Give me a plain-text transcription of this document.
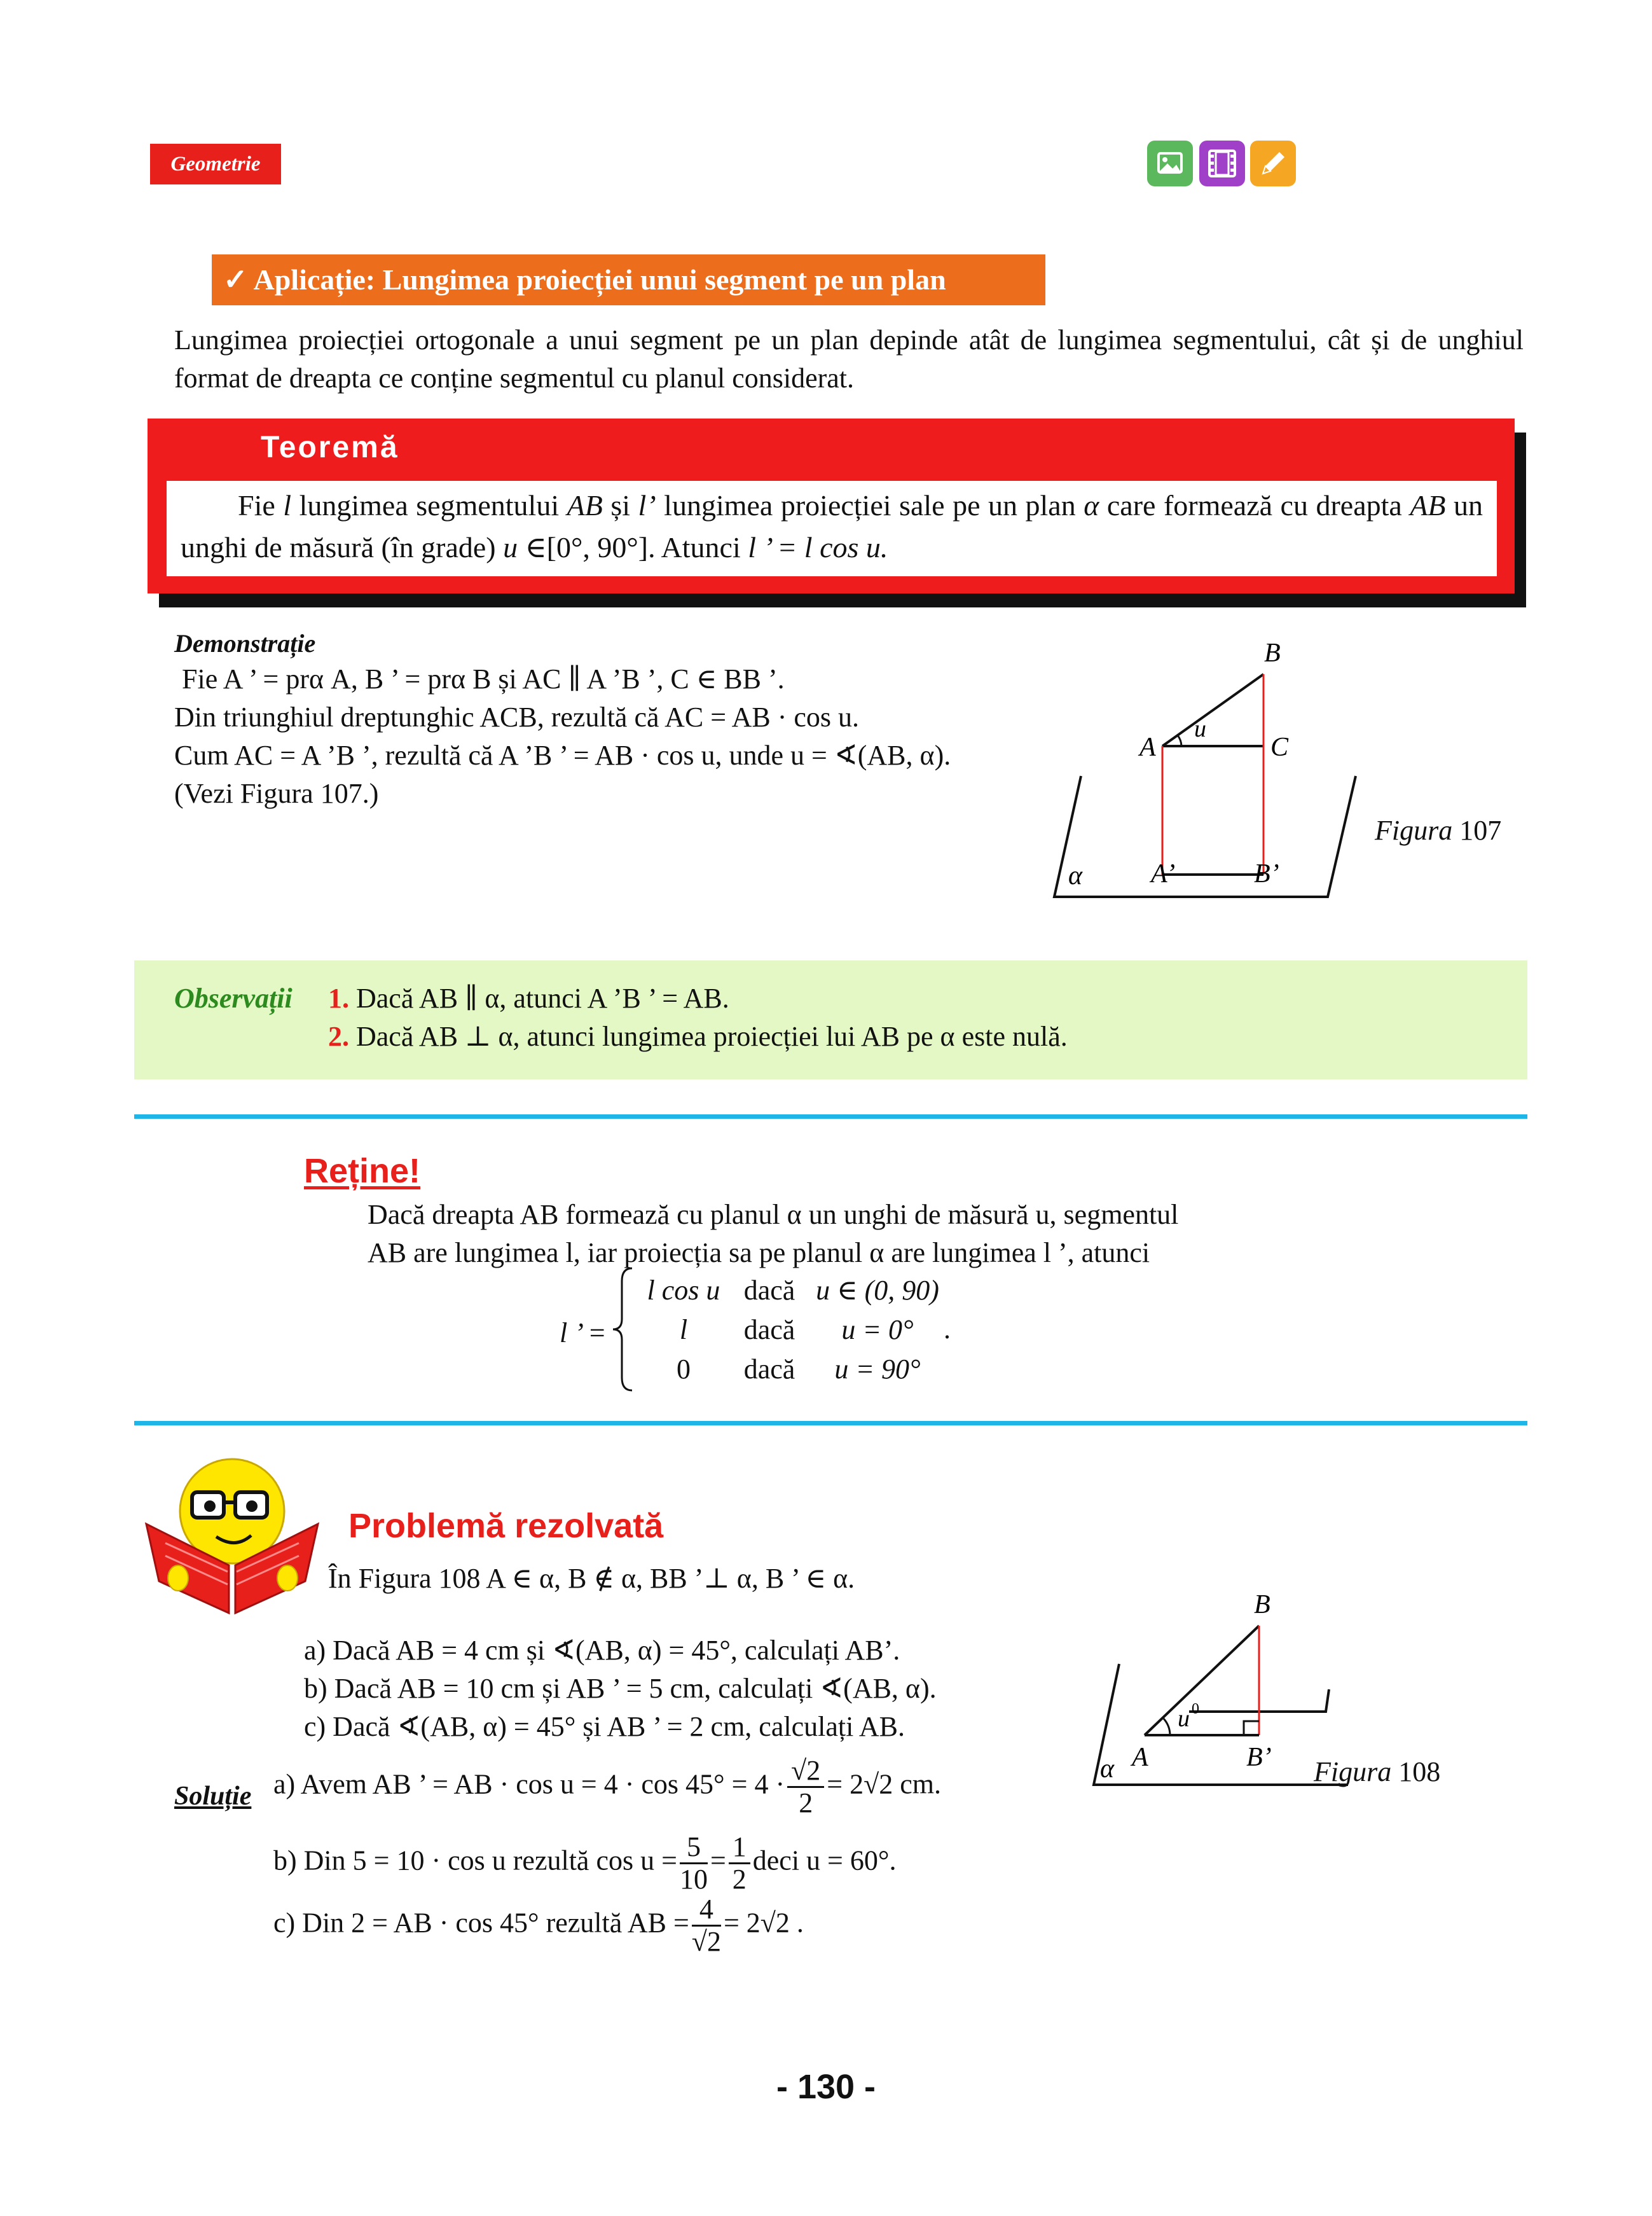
Geometrie
✓ Aplicație: Lungimea proiecției unui segment pe un plan
Lungimea proiecției ortogonale a unui segment pe un plan depinde atât de lungimea segmentului, cât și de unghiul format de dreapta ce conține segmentul cu planul considerat.
Teoremă
Fie l lungimea segmentului AB și l’ lungimea proiecției sale pe un plan α care formează cu dreapta AB un unghi de măsură (în grade) u ∈[0°, 90°]. Atunci l ’ = l cos u.
Demonstrație
Fie A ’ = prα A, B ’ = prα B și AC ∥ A ’B ’, C ∈ BB ’.
Din triunghiul dreptunghic ACB, rezultă că AC = AB · cos u.
Cum AC = A ’B ’, rezultă că A ’B ’ = AB · cos u, unde u = ∢(AB, α).
(Vezi Figura 107.)
B
A	C
u
A’	B’
α
Figura 107
Observații 1. Dacă AB ∥ α, atunci A ’B ’ = AB.
2. Dacă AB ⊥ α, atunci lungimea proiecției lui AB pe α este nulă.
Reține!
Dacă dreapta AB formează cu planul α un unghi de măsură u, segmentul
AB are lungimea l, iar proiecția sa pe planul α are lungimea l ’, atunci
l ’ =
l cos u dacă u ∈ (0, 90)
l dacă u = 0°
0 dacă u = 90°
.
Problemă rezolvată
În Figura 108 A ∈ α, B ∉ α, BB ’⊥ α, B ’ ∈ α.
a) Dacă AB = 4 cm și ∢(AB, α) = 45°, calculați AB’.
b) Dacă AB = 10 cm și AB ’ = 5 cm, calculați ∢(AB, α).
c) Dacă ∢(AB, α) = 45° și AB ’ = 2 cm, calculați AB.
Soluție a) Avem AB ’ = AB · $\cos u = 4 \cdot \cos 45^\circ = 4 \cdot \frac{√2}{2} = 2√2$ cm.
b) Din 5 = 10 · cos u rezultă $\cos u = \frac{5}{10} = \frac{1}{2}$ deci u = 60°.
c) Din 2 = AB · cos 45° rezultă AB = $\frac{4}{√2} = 2√2$ .
B
A	B’
u 0
α	Figura 108
- 130 -
